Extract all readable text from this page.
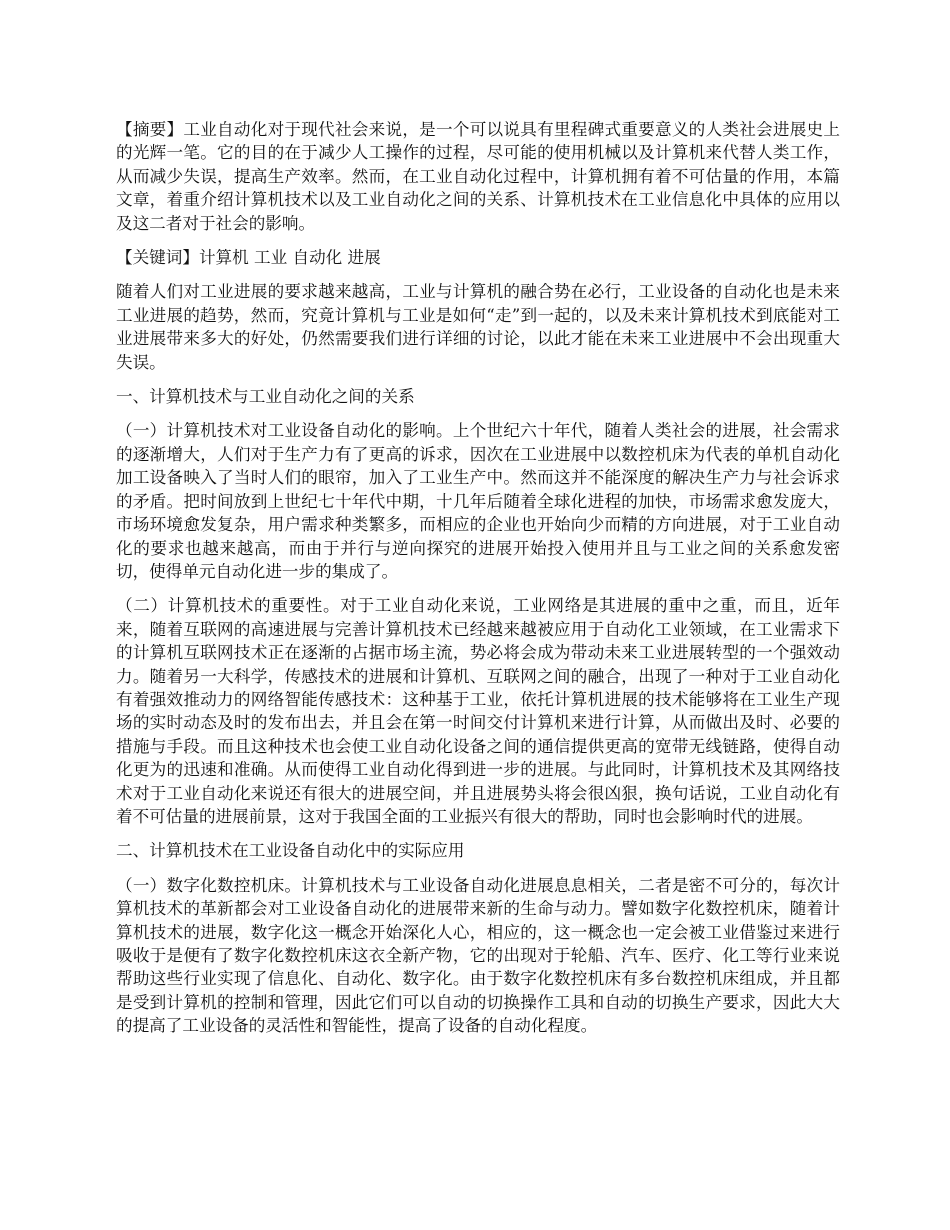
【摘要】工业自动化对于现代社会来说，是一个可以说具有里程碑式重要意义的人类社会进展史上的光辉一笔。它的目的在于减少人工操作的过程，尽可能的使用机械以及计算机来代替人类工作，从而减少失误，提高生产效率。然而，在工业自动化过程中，计算机拥有着不可估量的作用，本篇文章，着重介绍计算机技术以及工业自动化之间的关系、计算机技术在工业信息化中具体的应用以及这二者对于社会的影响。

【关键词】计算机 工业 自动化 进展

随着人们对工业进展的要求越来越高，工业与计算机的融合势在必行，工业设备的自动化也是未来工业进展的趋势，然而，究竟计算机与工业是如何“走”到一起的，以及未来计算机技术到底能对工业进展带来多大的好处，仍然需要我们进行详细的讨论，以此才能在未来工业进展中不会出现重大失误。

一、计算机技术与工业自动化之间的关系

（一）计算机技术对工业设备自动化的影响。上个世纪六十年代，随着人类社会的进展，社会需求的逐渐增大，人们对于生产力有了更高的诉求，因次在工业进展中以数控机床为代表的单机自动化加工设备映入了当时人们的眼帘，加入了工业生产中。然而这并不能深度的解决生产力与社会诉求的矛盾。把时间放到上世纪七十年代中期，十几年后随着全球化进程的加快，市场需求愈发庞大，市场环境愈发复杂，用户需求种类繁多，而相应的企业也开始向少而精的方向进展，对于工业自动化的要求也越来越高，而由于并行与逆向探究的进展开始投入使用并且与工业之间的关系愈发密切，使得单元自动化进一步的集成了。

（二）计算机技术的重要性。对于工业自动化来说，工业网络是其进展的重中之重，而且，近年来，随着互联网的高速进展与完善计算机技术已经越来越被应用于自动化工业领域，在工业需求下的计算机互联网技术正在逐渐的占据市场主流，势必将会成为带动未来工业进展转型的一个强效动力。随着另一大科学，传感技术的进展和计算机、互联网之间的融合，出现了一种对于工业自动化有着强效推动力的网络智能传感技术：这种基于工业，依托计算机进展的技术能够将在工业生产现场的实时动态及时的发布出去，并且会在第一时间交付计算机来进行计算，从而做出及时、必要的措施与手段。而且这种技术也会使工业自动化设备之间的通信提供更高的宽带无线链路，使得自动化更为的迅速和准确。从而使得工业自动化得到进一步的进展。与此同时，计算机技术及其网络技术对于工业自动化来说还有很大的进展空间，并且进展势头将会很凶狠，换句话说，工业自动化有着不可估量的进展前景，这对于我国全面的工业振兴有很大的帮助，同时也会影响时代的进展。

二、计算机技术在工业设备自动化中的实际应用

（一）数字化数控机床。计算机技术与工业设备自动化进展息息相关，二者是密不可分的，每次计算机技术的革新都会对工业设备自动化的进展带来新的生命与动力。譬如数字化数控机床，随着计算机技术的进展，数字化这一概念开始深化人心，相应的，这一概念也一定会被工业借鉴过来进行吸收于是便有了数字化数控机床这衣全新产物，它的出现对于轮船、汽车、医疗、化工等行业来说帮助这些行业实现了信息化、自动化、数字化。由于数字化数控机床有多台数控机床组成，并且都是受到计算机的控制和管理，因此它们可以自动的切换操作工具和自动的切换生产要求，因此大大的提高了工业设备的灵活性和智能性，提高了设备的自动化程度。
